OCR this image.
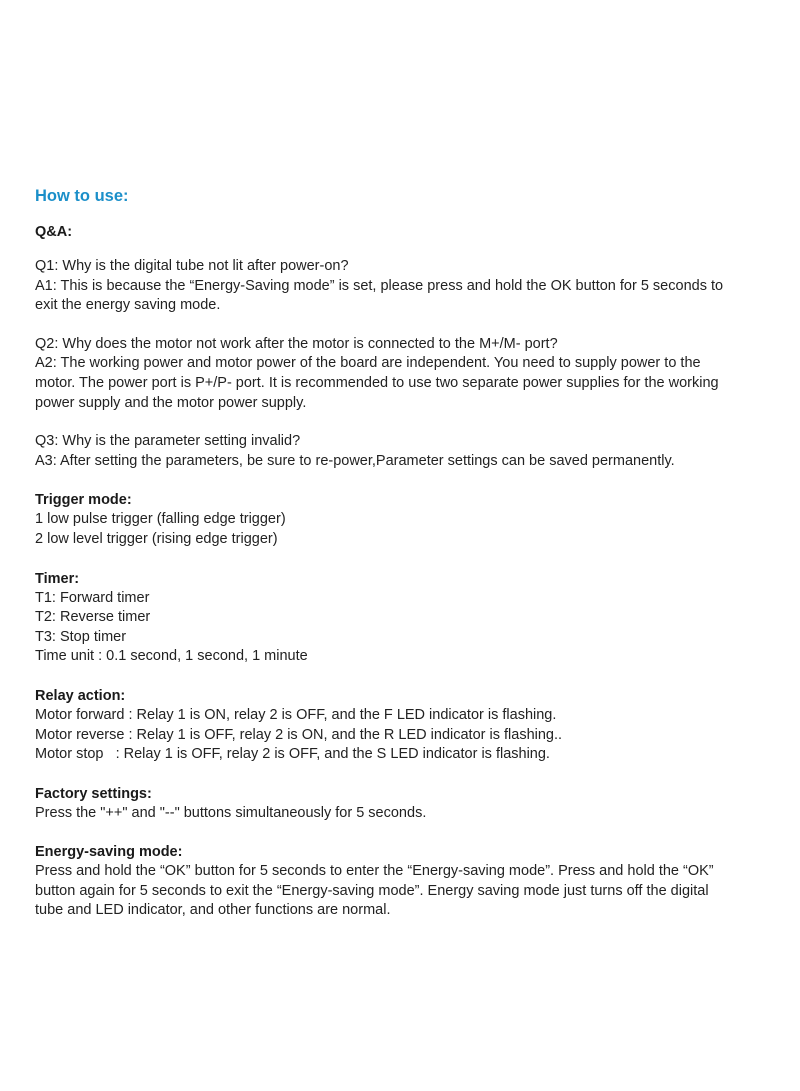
How to use:
Q&A:

Q1: Why is the digital tube not lit after power-on?

A1: This is because the “Energy-Saving mode” is set, please press and hold the OK button for 5 seconds to

exit the energy saving mode.

Q2: Why does the motor not work after the motor is connected to the M+/M- port?

A2: The working power and motor power of the board are independent. You need to supply power to the

motor. The power port is P+/P- port. It is recommended to use two separate power supplies for the working

power supply and the motor power supply.

Q3: Why is the parameter setting invalid?

A3: After setting the parameters, be sure to re-power,Parameter settings can be saved permanently.

Trigger mode:

1 low pulse trigger (falling edge trigger)

2 low level trigger (rising edge trigger)

Timer:

T1: Forward timer

T2: Reverse timer

T3: Stop timer

Time unit : 0.1 second, 1 second, 1 minute

Relay action:

Motor forward : Relay 1 is ON, relay 2 is OFF, and the F LED indicator is flashing.

Motor reverse : Relay 1 is OFF, relay 2 is ON, and the R LED indicator is flashing..

Motor stop   : Relay 1 is OFF, relay 2 is OFF, and the S LED indicator is flashing.

Factory settings:

Press the "++" and "--" buttons simultaneously for 5 seconds.

Energy-saving mode:

Press and hold the “OK” button for 5 seconds to enter the “Energy-saving mode”. Press and hold the “OK”

button again for 5 seconds to exit the “Energy-saving mode”. Energy saving mode just turns off the digital

tube and LED indicator, and other functions are normal.
